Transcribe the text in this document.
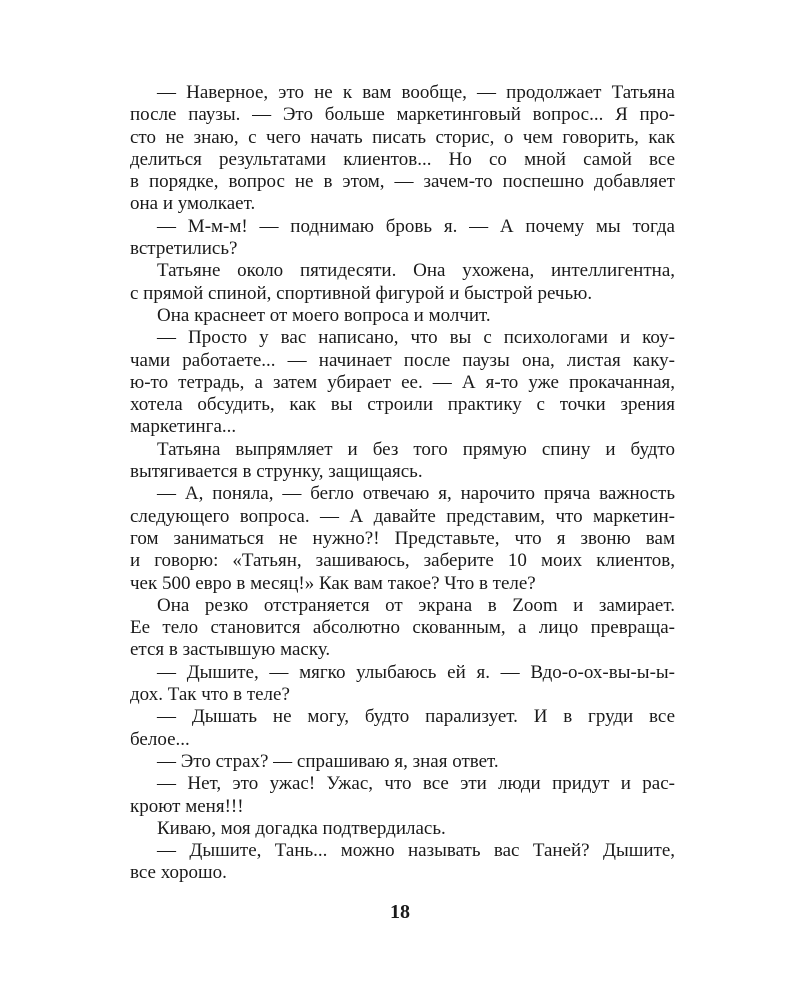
— Наверное, это не к вам вообще, — продолжает Татьяна
после паузы. — Это больше маркетинговый вопрос... Я про-
сто не знаю, с чего начать писать сторис, о чем говорить, как
делиться результатами клиентов... Но со мной самой все
в порядке, вопрос не в этом, — зачем-то поспешно добавляет
она и умолкает.
— М-м-м! — поднимаю бровь я. — А почему мы тогда
встретились?
Татьяне около пятидесяти. Она ухожена, интеллигентна,
с прямой спиной, спортивной фигурой и быстрой речью.
Она краснеет от моего вопроса и молчит.
— Просто у вас написано, что вы с психологами и коу-
чами работаете... — начинает после паузы она, листая каку-
ю-то тетрадь, а затем убирает ее. — А я-то уже прокачанная,
хотела обсудить, как вы строили практику с точки зрения
маркетинга...
Татьяна выпрямляет и без того прямую спину и будто
вытягивается в струнку, защищаясь.
— А, поняла, — бегло отвечаю я, нарочито пряча важность
следующего вопроса. — А давайте представим, что маркетин-
гом заниматься не нужно?! Представьте, что я звоню вам
и говорю: «Татьян, зашиваюсь, заберите 10 моих клиентов,
чек 500 евро в месяц!» Как вам такое? Что в теле?
Она резко отстраняется от экрана в Zoom и замирает.
Ее тело становится абсолютно скованным, а лицо превраща-
ется в застывшую маску.
— Дышите, — мягко улыбаюсь ей я. — Вдо-о-ох-вы-ы-ы-
дох. Так что в теле?
— Дышать не могу, будто парализует. И в груди все
белое...
— Это страх? — спрашиваю я, зная ответ.
— Нет, это ужас! Ужас, что все эти люди придут и рас-
кроют меня!!!
Киваю, моя догадка подтвердилась.
— Дышите, Тань... можно называть вас Таней? Дышите,
все хорошо.
18
